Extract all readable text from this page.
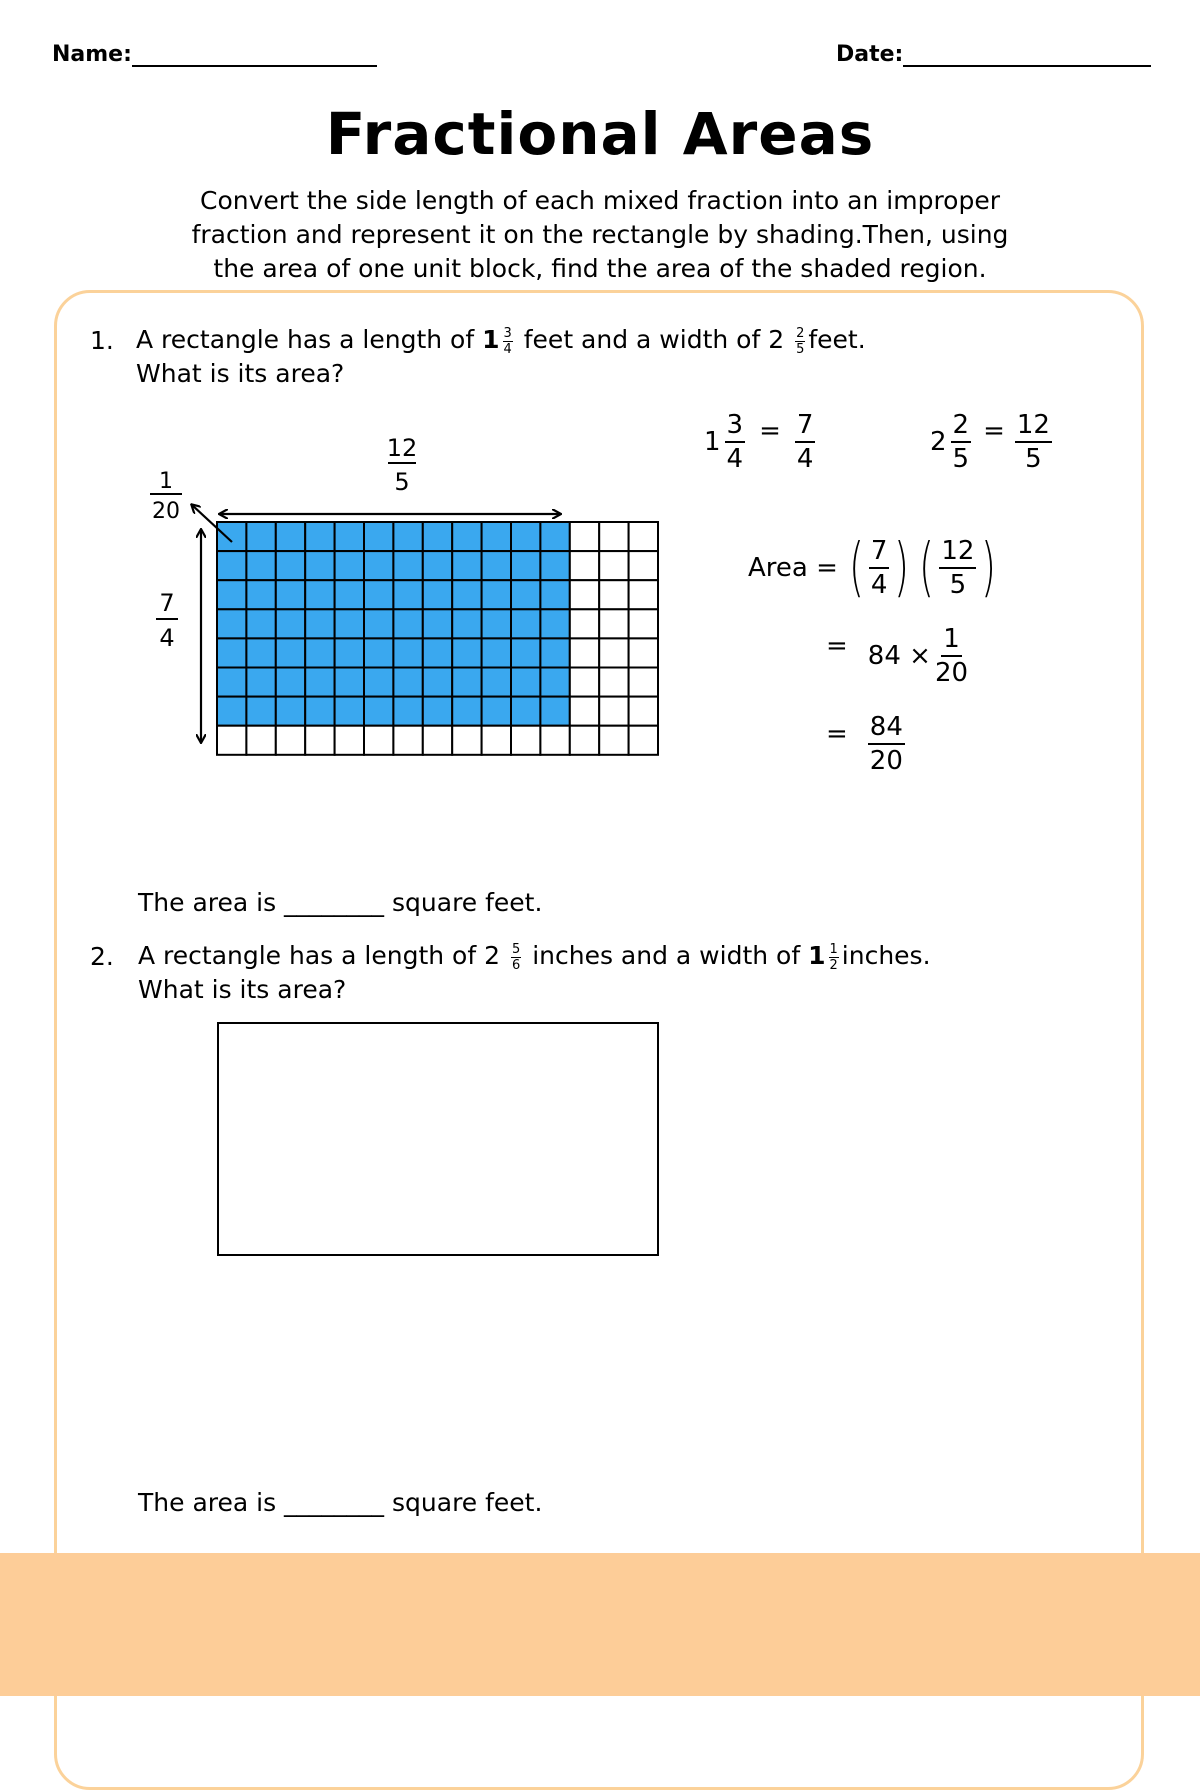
Name:	Date:
Fractional Areas
Convert the side length of each mixed fraction into an improper
fraction and represent it on the rectangle by shading.Then, using
the area of one unit block, find the area of the shaded region.
1. A rectangle has a length of $1 \frac{3}{4}$ feet and a width of $2 \frac{2}{5}$ feet.
What is its area?
$1 \frac{3}{4} = \frac{7}{4}$	$2 \frac{2}{5} = \frac{12}{5}$
12
5
1
20
7
4
Area = ( $\frac{7}{4}$ ) ( $\frac{12}{5}$ )
= $84 \times \frac{1}{20}$
= $\frac{84}{20}$
The area is ________ square feet.
2. A rectangle has a length of $2 \frac{5}{6}$ inches and a width of $1 \frac{1}{2}$ inches.
What is its area?
The area is ________ square feet.
